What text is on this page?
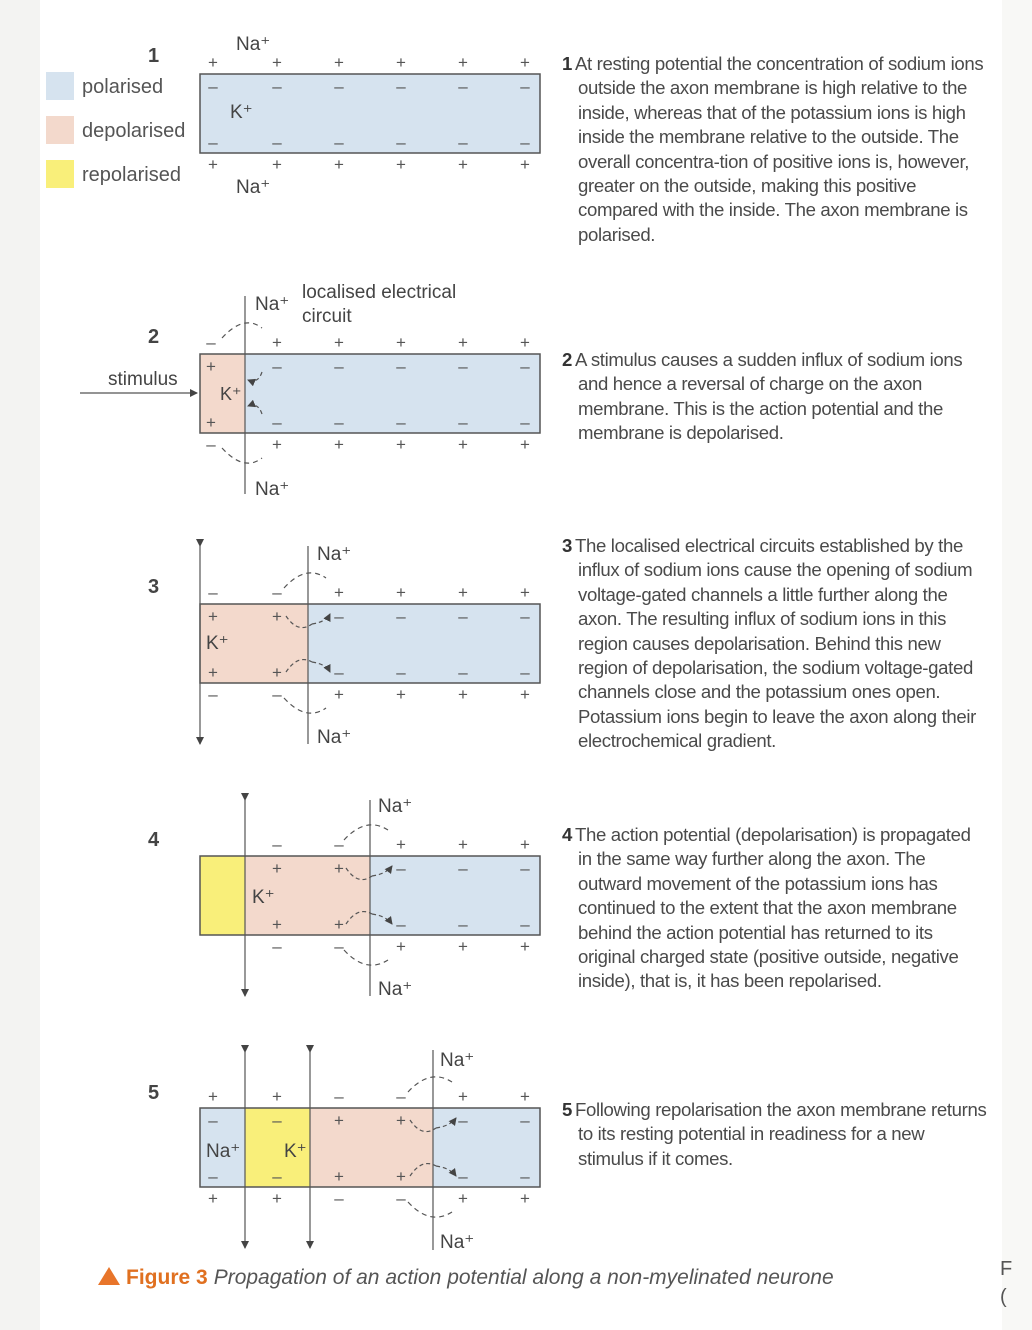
F
(
polarised
depolarised
repolarised
1
2
3
4
5
Na⁺
Na⁺
K⁺
stimulus
Na⁺
Na⁺
K⁺
localised electrical
circuit
Na⁺
Na⁺
K⁺
Na⁺
Na⁺
K⁺
Na⁺
Na⁺
Na⁺ K⁺
+
–
–
+
+
–
–
+
+
–
–
+
+
–
–
+
+
–
–
+
+
–
–
+
–
+
+
–
+
–
–
+
+
–
–
+
+
–
–
+
+
–
–
+
+
–
–
+
–
+
+
–
–
+
+
–
+
–
–
+
+
–
–
+
+
–
–
+
+
–
–
+
–
+
+
–
–
+
+
–
+
–
–
+
+
–
–
+
+
–
–
+
+
–
–
+
+
–
–
+
–
+
+
–
–
+
+
–
+
–
–
+
+
–
–
+
1 At resting potential the concentration of sodium ions outside the axon membrane is high relative to the inside, whereas that of the potassium ions is high inside the membrane relative to the outside. The overall concentra-tion of positive ions is, however, greater on the outside, making this positive compared with the inside. The axon membrane is polarised.
2 A stimulus causes a sudden influx of sodium ions and hence a reversal of charge on the axon membrane. This is the action potential and the membrane is depolarised.
3 The localised electrical circuits established by the influx of sodium ions cause the opening of sodium voltage-gated channels a little further along the axon. The resulting influx of sodium ions in this region causes depolarisation. Behind this new region of depolarisation, the sodium voltage-gated channels close and the potassium ones open. Potassium ions begin to leave the axon along their electrochemical gradient.
4 The action potential (depolarisation) is propagated in the same way further along the axon. The outward movement of the potassium ions has continued to the extent that the axon membrane behind the action potential has returned to its original charged state (positive outside, negative inside), that is, it has been repolarised.
5 Following repolarisation the axon membrane returns to its resting potential in readiness for a new stimulus if it comes.
Figure 3 Propagation of an action potential along a non-myelinated neurone
